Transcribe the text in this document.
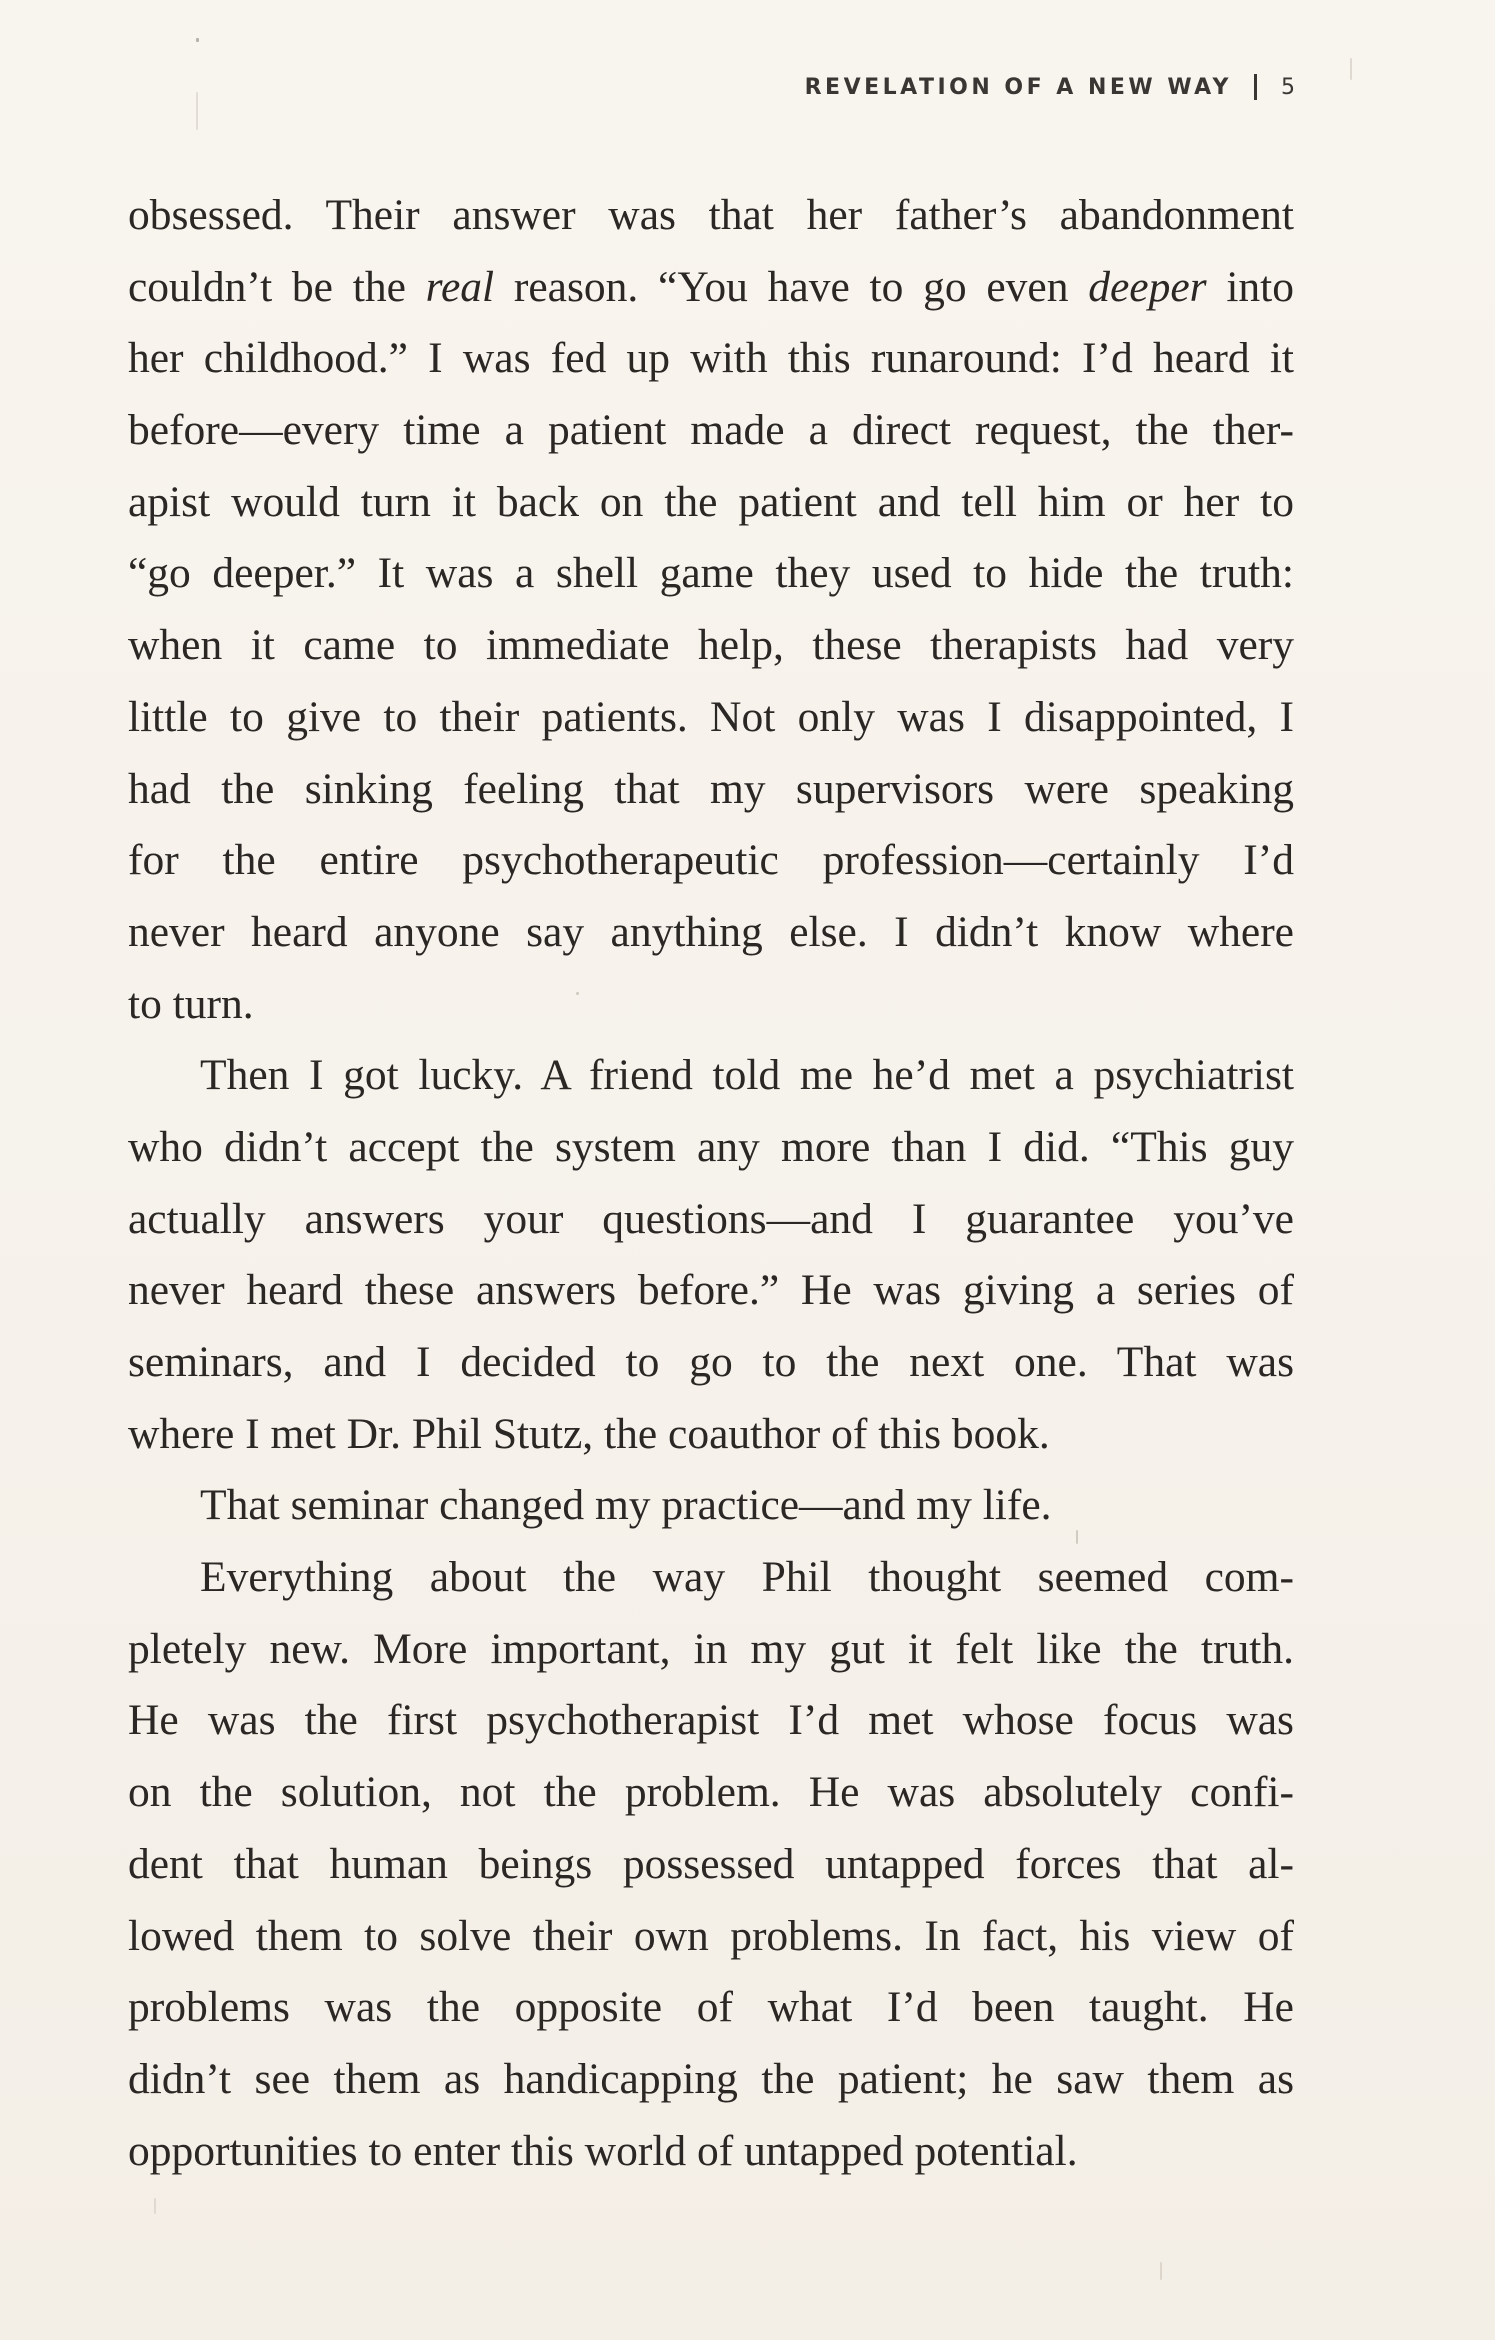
REVELATION OF A NEW WAY 5
obsessed. Their answer was that her father’s abandonment
couldn’t be the real reason. “You have to go even deeper into
her childhood.” I was fed up with this runaround: I’d heard it
before—every time a patient made a direct request, the ther-
apist would turn it back on the patient and tell him or her to
“go deeper.” It was a shell game they used to hide the truth:
when it came to immediate help, these therapists had very
little to give to their patients. Not only was I disappointed, I
had the sinking feeling that my supervisors were speaking
for the entire psychotherapeutic profession—certainly I’d
never heard anyone say anything else. I didn’t know where
to turn.
Then I got lucky. A friend told me he’d met a psychiatrist
who didn’t accept the system any more than I did. “This guy
actually answers your questions—and I guarantee you’ve
never heard these answers before.” He was giving a series of
seminars, and I decided to go to the next one. That was
where I met Dr. Phil Stutz, the coauthor of this book.
That seminar changed my practice—and my life.
Everything about the way Phil thought seemed com-
pletely new. More important, in my gut it felt like the truth.
He was the first psychotherapist I’d met whose focus was
on the solution, not the problem. He was absolutely confi-
dent that human beings possessed untapped forces that al-
lowed them to solve their own problems. In fact, his view of
problems was the opposite of what I’d been taught. He
didn’t see them as handicapping the patient; he saw them as
opportunities to enter this world of untapped potential.
